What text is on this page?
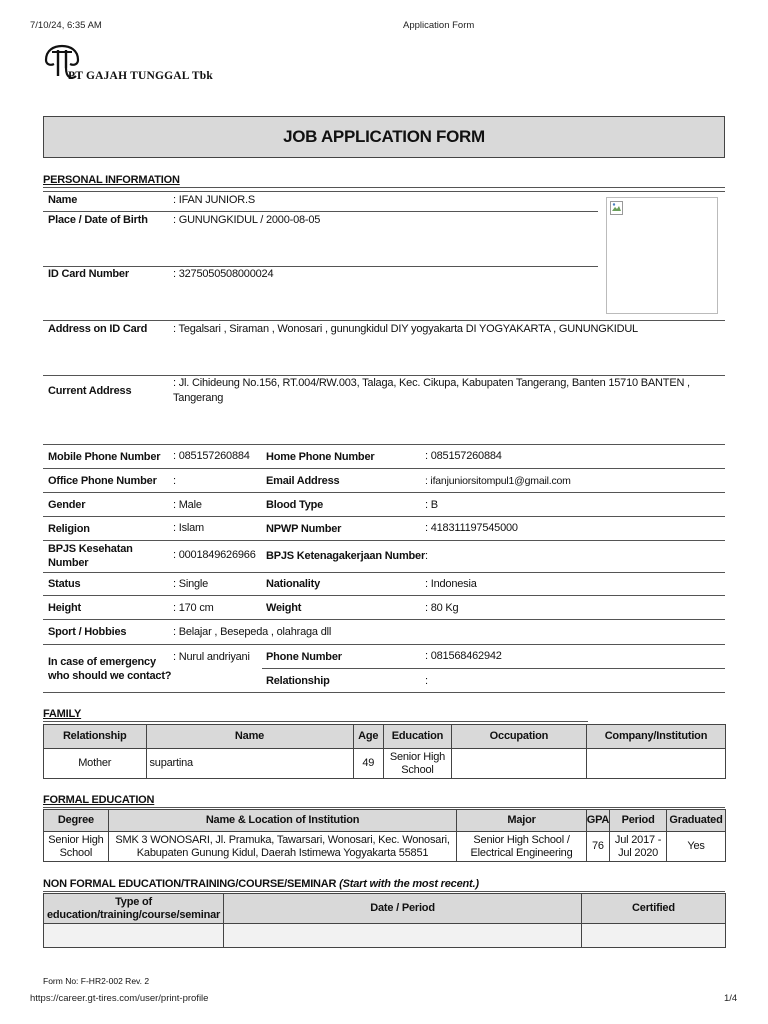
7/10/24, 6:35 AM	Application Form
PT GAJAH TUNGGAL Tbk
JOB APPLICATION FORM
PERSONAL INFORMATION
Name	: IFAN JUNIOR.S
Place / Date of Birth : GUNUNGKIDUL / 2000-08-05
ID Card Number	: 3275050508000024
Address on ID Card : Tegalsari , Siraman , Wonosari , gunungkidul DIY yogyakarta DI YOGYAKARTA , GUNUNGKIDUL
Current Address
: Jl. Cihideung No.156, RT.004/RW.003, Talaga, Kec. Cikupa, Kabupaten Tangerang, Banten 15710 BANTEN ,
Tangerang
Mobile Phone Number : 085157260884 Home Phone Number	: 085157260884
Office Phone Number :	Email Address	: ifanjuniorsitompul1@gmail.com
Gender	: Male	Blood Type	: B
Religion	: Islam	NPWP Number	: 418311197545000
BPJS Kesehatan
Number
: 0001849626966 BPJS Ketenagakerjaan Number :
Status	: Single	Nationality	: Indonesia
Height	: 170 cm	Weight	: 80 Kg
Sport / Hobbies	: Belajar , Besepeda , olahraga dll
In case of emergency
who should we contact?
: Nurul andriyani Phone Number	: 081568462942
Relationship	:
FAMILY
Relationship	Name	Age	Education	Occupation	Company/Institution
Mother	supartina	49	Senior High
School		
FORMAL EDUCATION
Degree	Name & Location of Institution	Major	GPA	Period	Graduated
Senior High
School	SMK 3 WONOSARI, Jl. Pramuka, Tawarsari, Wonosari, Kec. Wonosari,
Kabupaten Gunung Kidul, Daerah Istimewa Yogyakarta 55851	Senior High School /
Electrical Engineering	76	Jul 2017 -
Jul 2020	Yes
NON FORMAL EDUCATION/TRAINING/COURSE/SEMINAR (Start with the most recent.)
Type of
education/training/course/seminar	Date / Period	Certified

Form No: F-HR2-002 Rev. 2
https://career.gt-tires.com/user/print-profile	1/4
